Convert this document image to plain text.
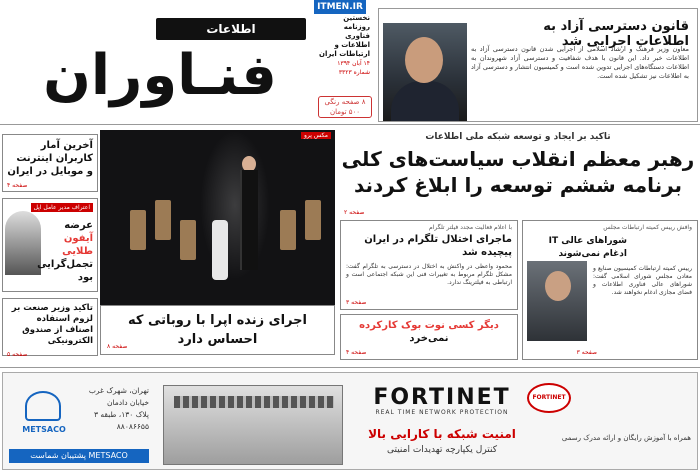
ITMEN.IR
اطلاعات
فنـاوران
نخستین روزنامه فناوری اطلاعات و ارتباطات ایران
۱۴ آبان ۱۳۹۴
شماره ۳۳۲۳
۸ صفحه رنگی
۵۰۰ تومان
قانون دسترسی آزاد به اطلاعات اجرایی شد
معاون وزیر فرهنگ و ارشاد اسلامی از اجرایی شدن قانون دسترسی آزاد به اطلاعات خبر داد. این قانون با هدف شفافیت و دسترسی آزاد شهروندان به اطلاعات دستگاه‌های اجرایی تدوین شده است و کمیسیون انتشار و دسترسی آزاد به اطلاعات نیز تشکیل شده است.
آخرین آمار کاربران اینترنت و موبایل در ایران
صفحه ۴
اعتراف مدیر عامل اپل
عرضه
آیفون طلایی
تجمل‌گرایی بود
تاکید وزیر صنعت بر لزوم استفاده اصناف از صندوق الکترونیکی
صفحه ۵
مکس پرو
اجرای زنده اپرا با روباتی که احساس دارد
صفحه ۸
تاکید بر ایجاد و توسعه شبکه ملی اطلاعات
رهبر معظم انقلاب سیاست‌های کلی
برنامه ششم توسعه را ابلاغ کردند
صفحه ۲
با اعلام فعالیت مجدد فیلتر تلگرام
ماجرای اختلال تلگرام در ایران پیچیده شد
محمود واعظی در واکنش به اختلال در دسترسی به تلگرام گفت: مشکل تلگرام مربوط به تغییرات فنی این شبکه اجتماعی است و ارتباطی به فیلترینگ ندارد.
صفحه ۳
دیگر کسی نوت بوک کارکرده
نمی‌خرد
صفحه ۴
وافش رییس کمیته ارتباطات مجلس
شوراهای عالی IT ادغام نمی‌شوند
رییس کمیته ارتباطات کمیسیون صنایع و معادن مجلس شورای اسلامی گفت: شوراهای عالی فناوری اطلاعات و فضای مجازی ادغام نخواهند شد.
صفحه ۳
METSACO
تهران، شهرک غرب
خیابان دادمان
پلاک ۱۳۰، طبقه ۳
۸۸۰۸۶۶۵۵
METSACO پشتیبان شماست
FORTINET
REAL TIME NETWORK PROTECTION
امنیت شبکه با کارایی بالا
کنترل یکپارچه تهدیدات امنیتی
FORTINET
همراه با آموزش رایگان و ارائه مدرک رسمی
